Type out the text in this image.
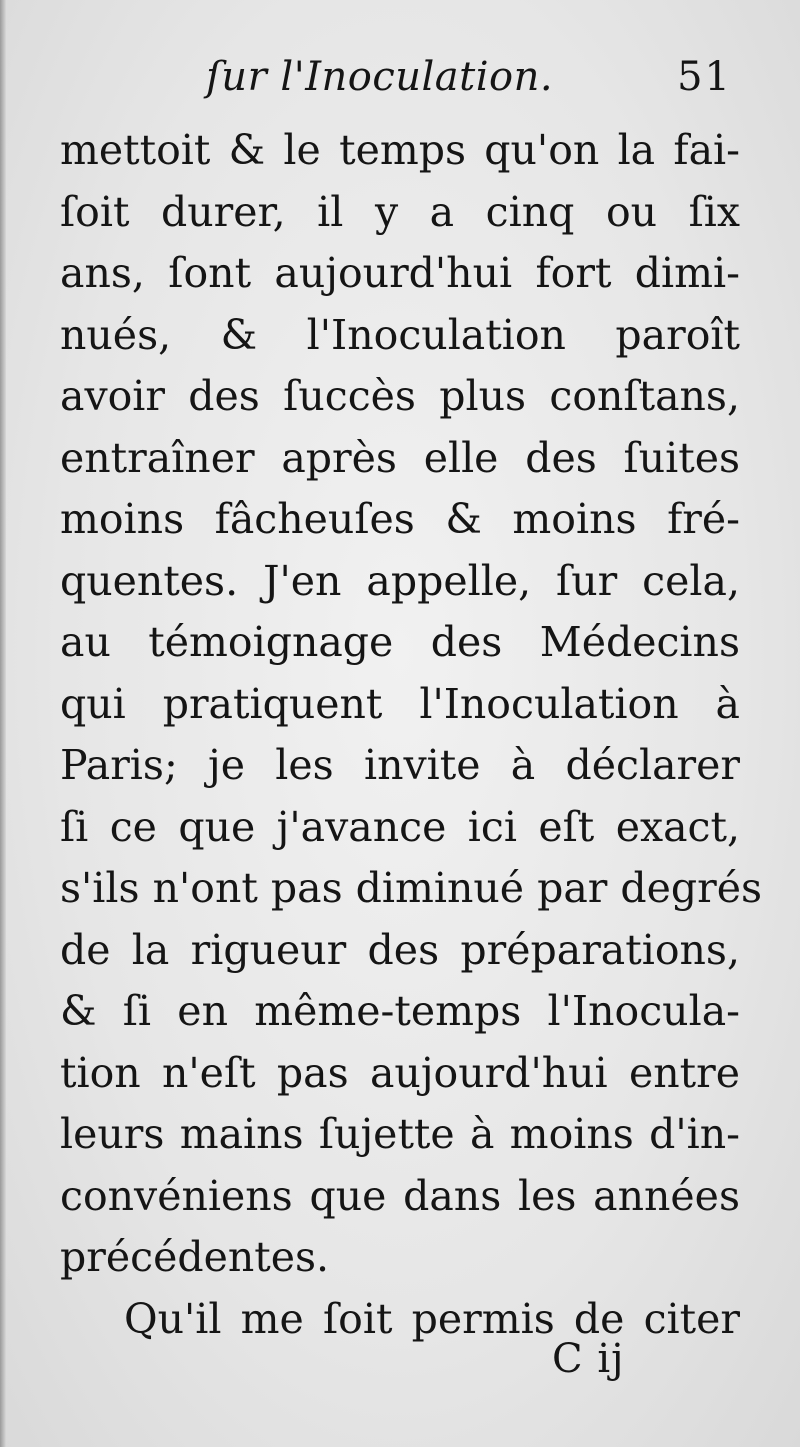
ſur l'Inoculation.	51
mettoit & le temps qu'on la fai-
ſoit durer, il y a cinq ou ſix
ans, ſont aujourd'hui fort dimi-
nués, & l'Inoculation paroît
avoir des ſuccès plus conſtans,
entraîner après elle des ſuites
moins fâcheuſes & moins fré-
quentes. J'en appelle, ſur cela,
au témoignage des Médecins
qui pratiquent l'Inoculation à
Paris; je les invite à déclarer
ſi ce que j'avance ici eſt exact,
s'ils n'ont pas diminué par degrés
de la rigueur des préparations,
& ſi en même-temps l'Inocula-
tion n'eſt pas aujourd'hui entre
leurs mains ſujette à moins d'in-
convéniens que dans les années
précédentes.
Qu'il me ſoit permis de citer
C ij
